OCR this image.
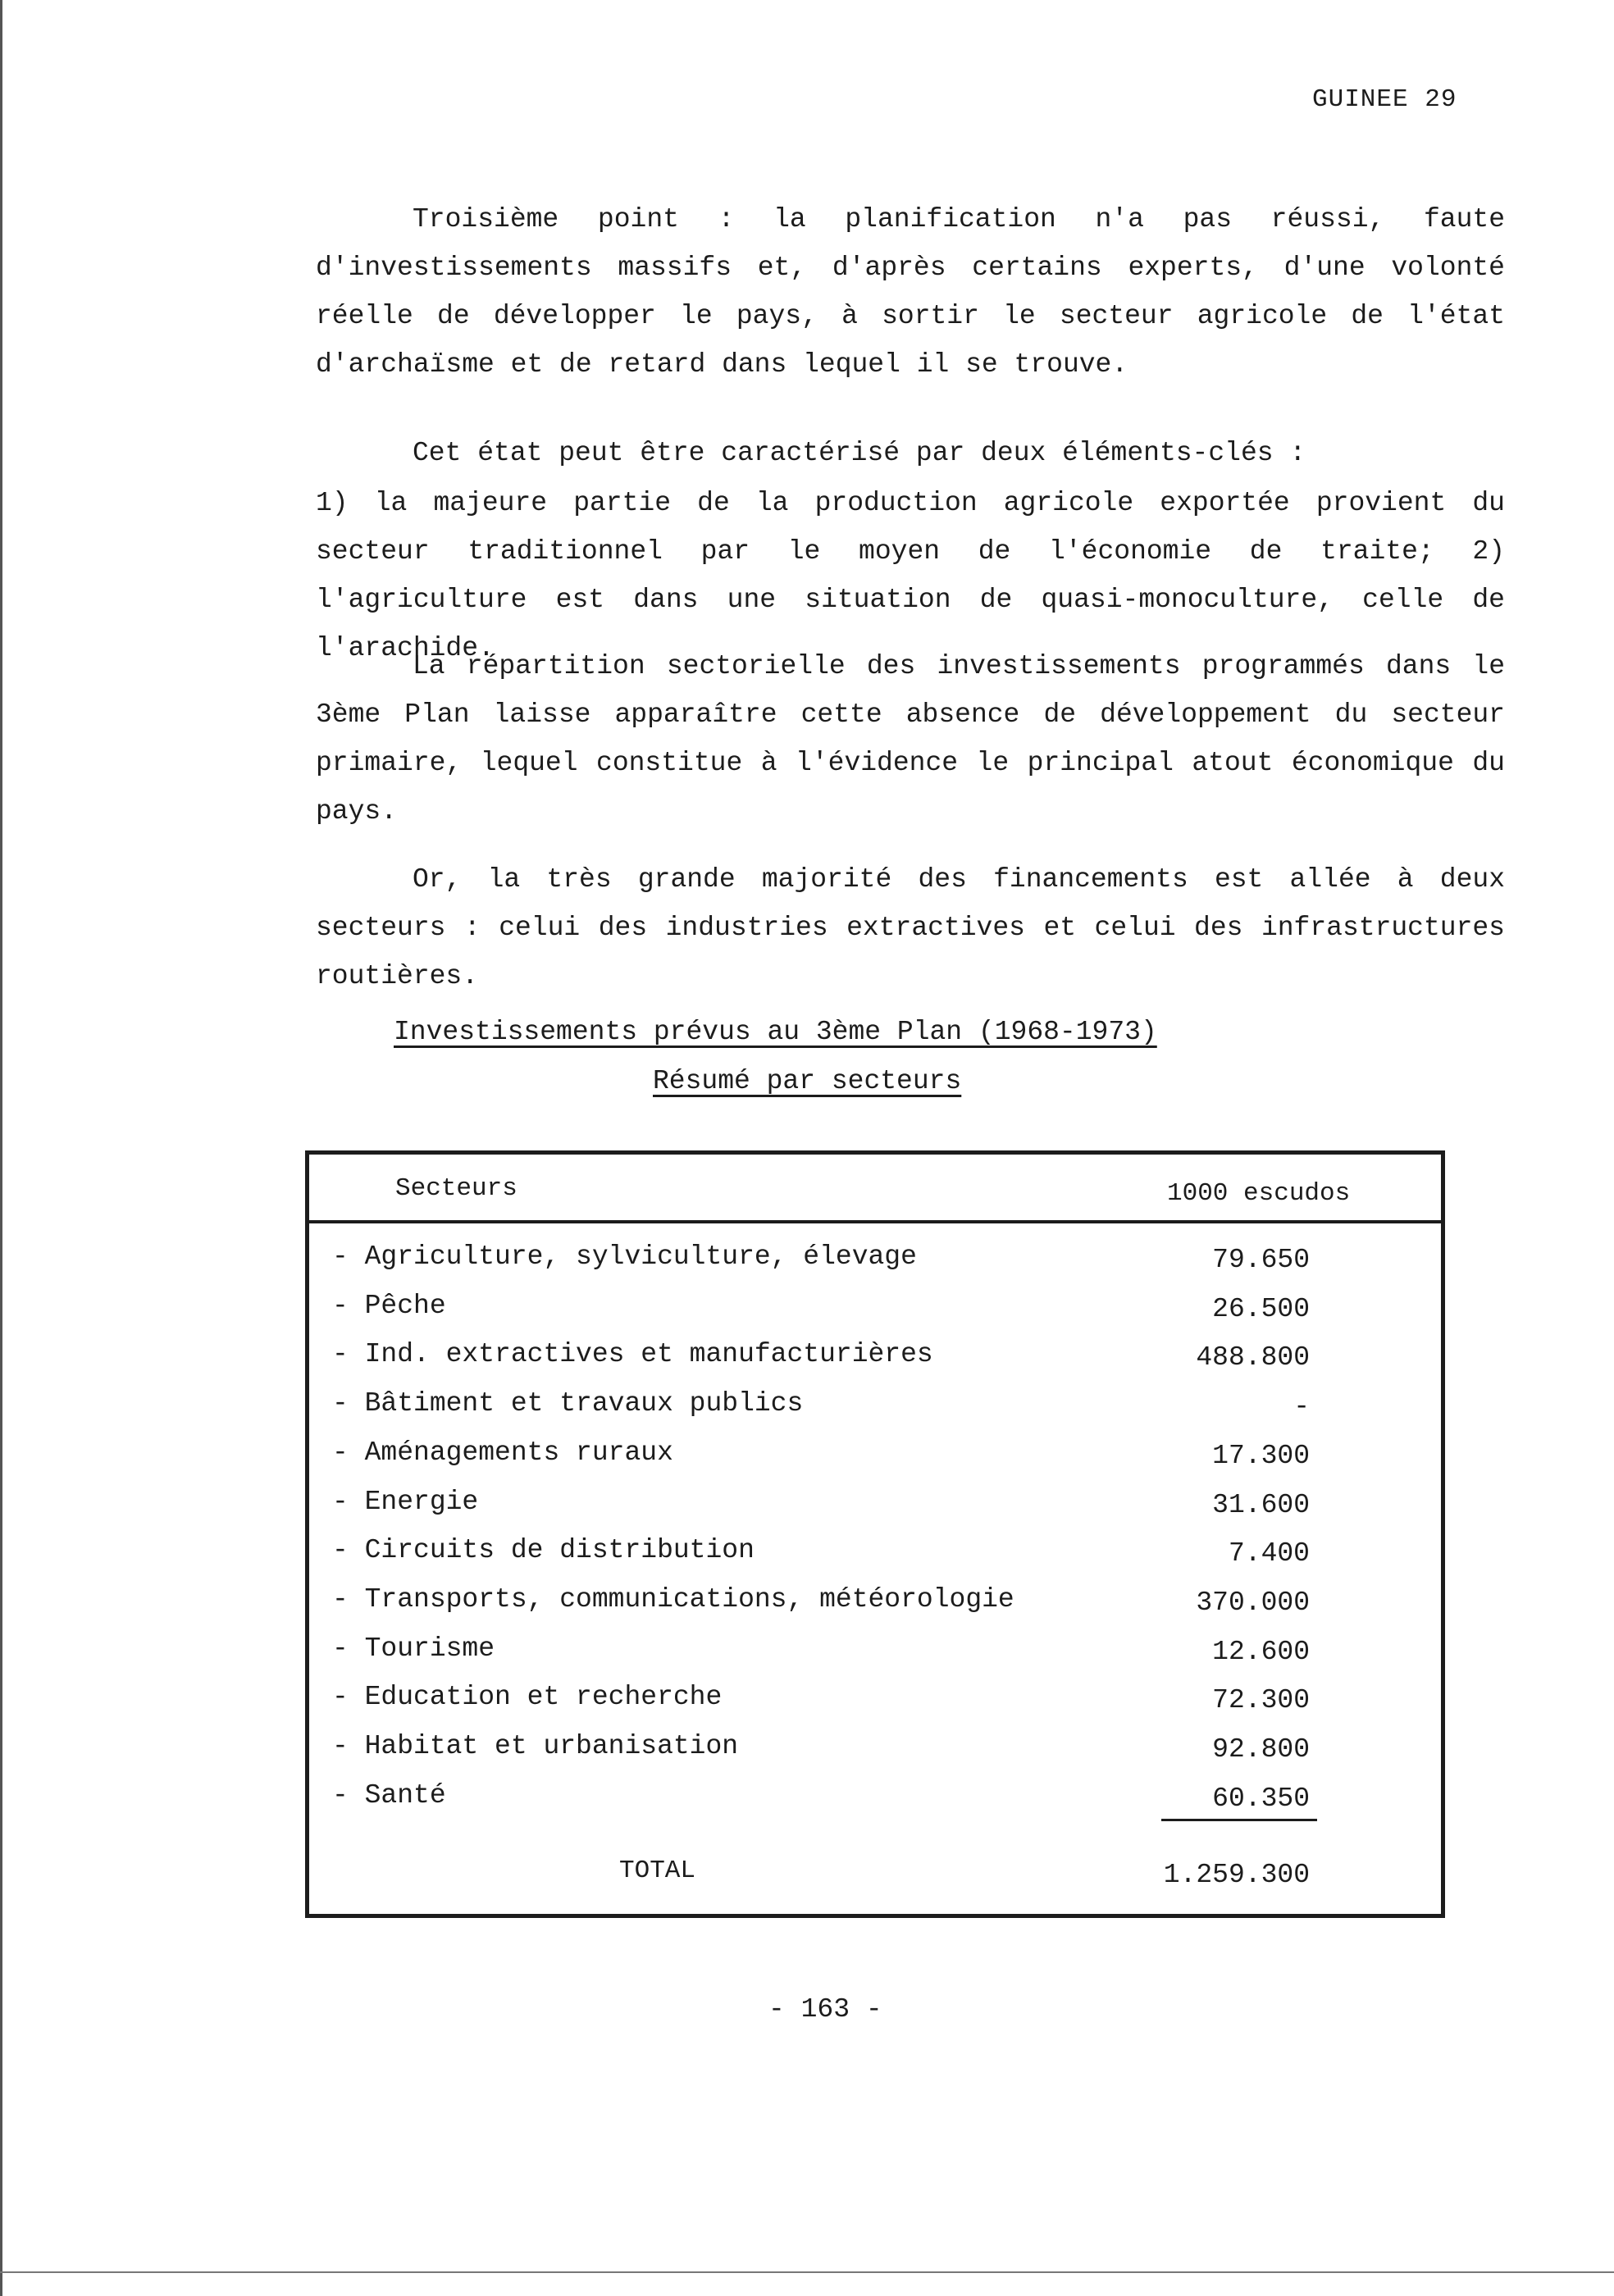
GUINEE 29

Troisième point : la planification n'a pas réussi, faute d'investissements massifs et, d'après certains experts, d'une volonté réelle de développer le pays, à sortir le secteur agricole de l'état d'archaïsme et de retard dans lequel il se trouve.

Cet état peut être caractérisé par deux éléments-clés :

1) la majeure partie de la production agricole exportée provient du secteur traditionnel par le moyen de l'économie de traite; 2) l'agriculture est dans une situation de quasi-monoculture, celle de l'arachide.

La répartition sectorielle des investissements programmés dans le 3ème Plan laisse apparaître cette absence de développement du secteur primaire, lequel constitue à l'évidence le principal atout économique du pays.

Or, la très grande majorité des financements est allée à deux secteurs : celui des industries extractives et celui des infrastructures routières.

Investissements prévus au 3ème Plan (1968-1973)
Résumé par secteurs
Secteurs	1000 escudos
- Agriculture, sylviculture, élevage	79.650
- Pêche	26.500
- Ind. extractives et manufacturières	488.800
- Bâtiment et travaux publics	-
- Aménagements ruraux	17.300
- Energie	31.600
- Circuits de distribution	7.400
- Transports, communications, météorologie	370.000
- Tourisme	12.600
- Education et recherche	72.300
- Habitat et urbanisation	92.800
- Santé	60.350
TOTAL	1.259.300
- 163 -
